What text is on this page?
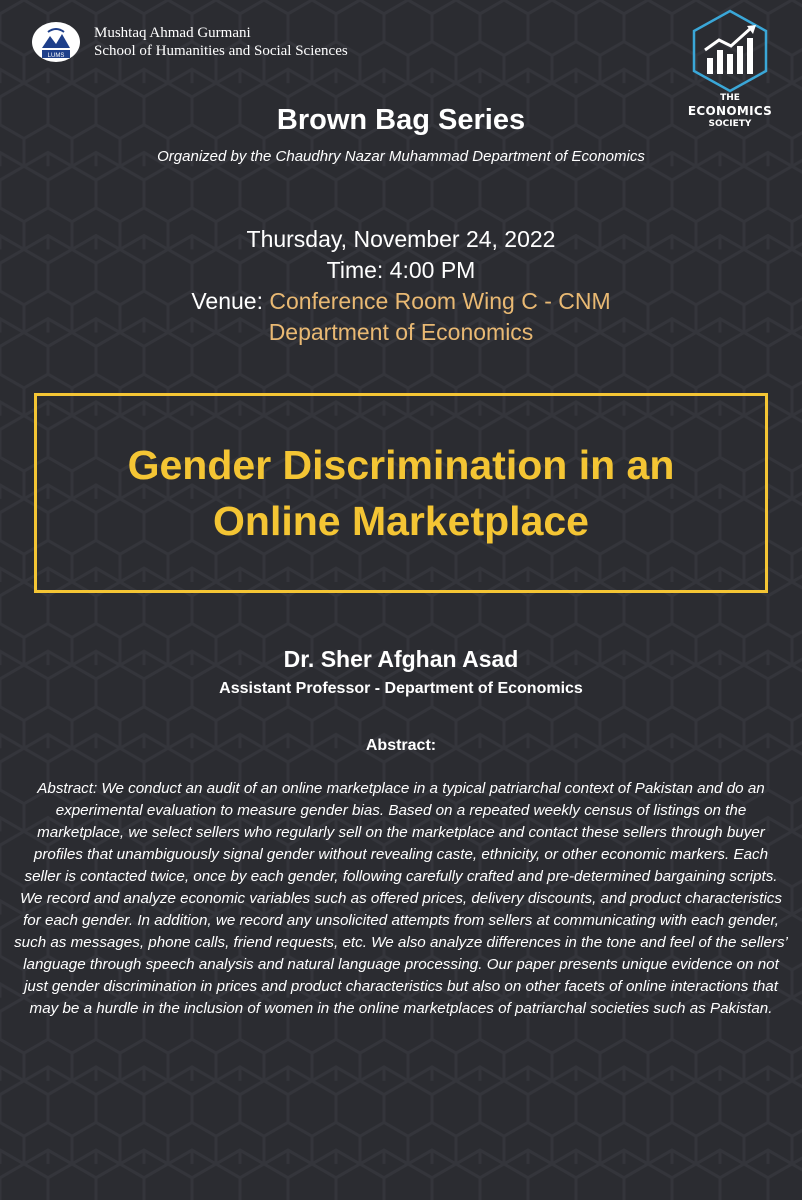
LUMS
Mushtaq Ahmad Gurmani
School of Humanities and Social Sciences
THE
ECONOMICS
SOCIETY
Brown Bag Series
Organized by the Chaudhry Nazar Muhammad Department of Economics
Thursday, November 24, 2022
Time: 4:00 PM
Venue: Conference Room Wing C - CNM
Department of Economics
Gender Discrimination in an
Online Marketplace
Dr. Sher Afghan Asad
Assistant Professor - Department of Economics
Abstract:
Abstract: We conduct an audit of an online marketplace in a typical patriarchal context of Pakistan and do an experimental evaluation to measure gender bias. Based on a repeated weekly census of listings on the marketplace, we select sellers who regularly sell on the marketplace and contact these sellers through buyer profiles that unambiguously signal gender without revealing caste, ethnicity, or other economic markers. Each seller is contacted twice, once by each gender, following carefully crafted and pre-determined bargaining scripts. We record and analyze economic variables such as offered prices, delivery discounts, and product characteristics for each gender. In addition, we record any unsolicited attempts from sellers at communicating with each gender, such as messages, phone calls, friend requests, etc. We also analyze differences in the tone and feel of the sellers’ language through speech analysis and natural language processing. Our paper presents unique evidence on not just gender discrimination in prices and product characteristics but also on other facets of online interactions that may be a hurdle in the inclusion of women in the online marketplaces of patriarchal societies such as Pakistan.
